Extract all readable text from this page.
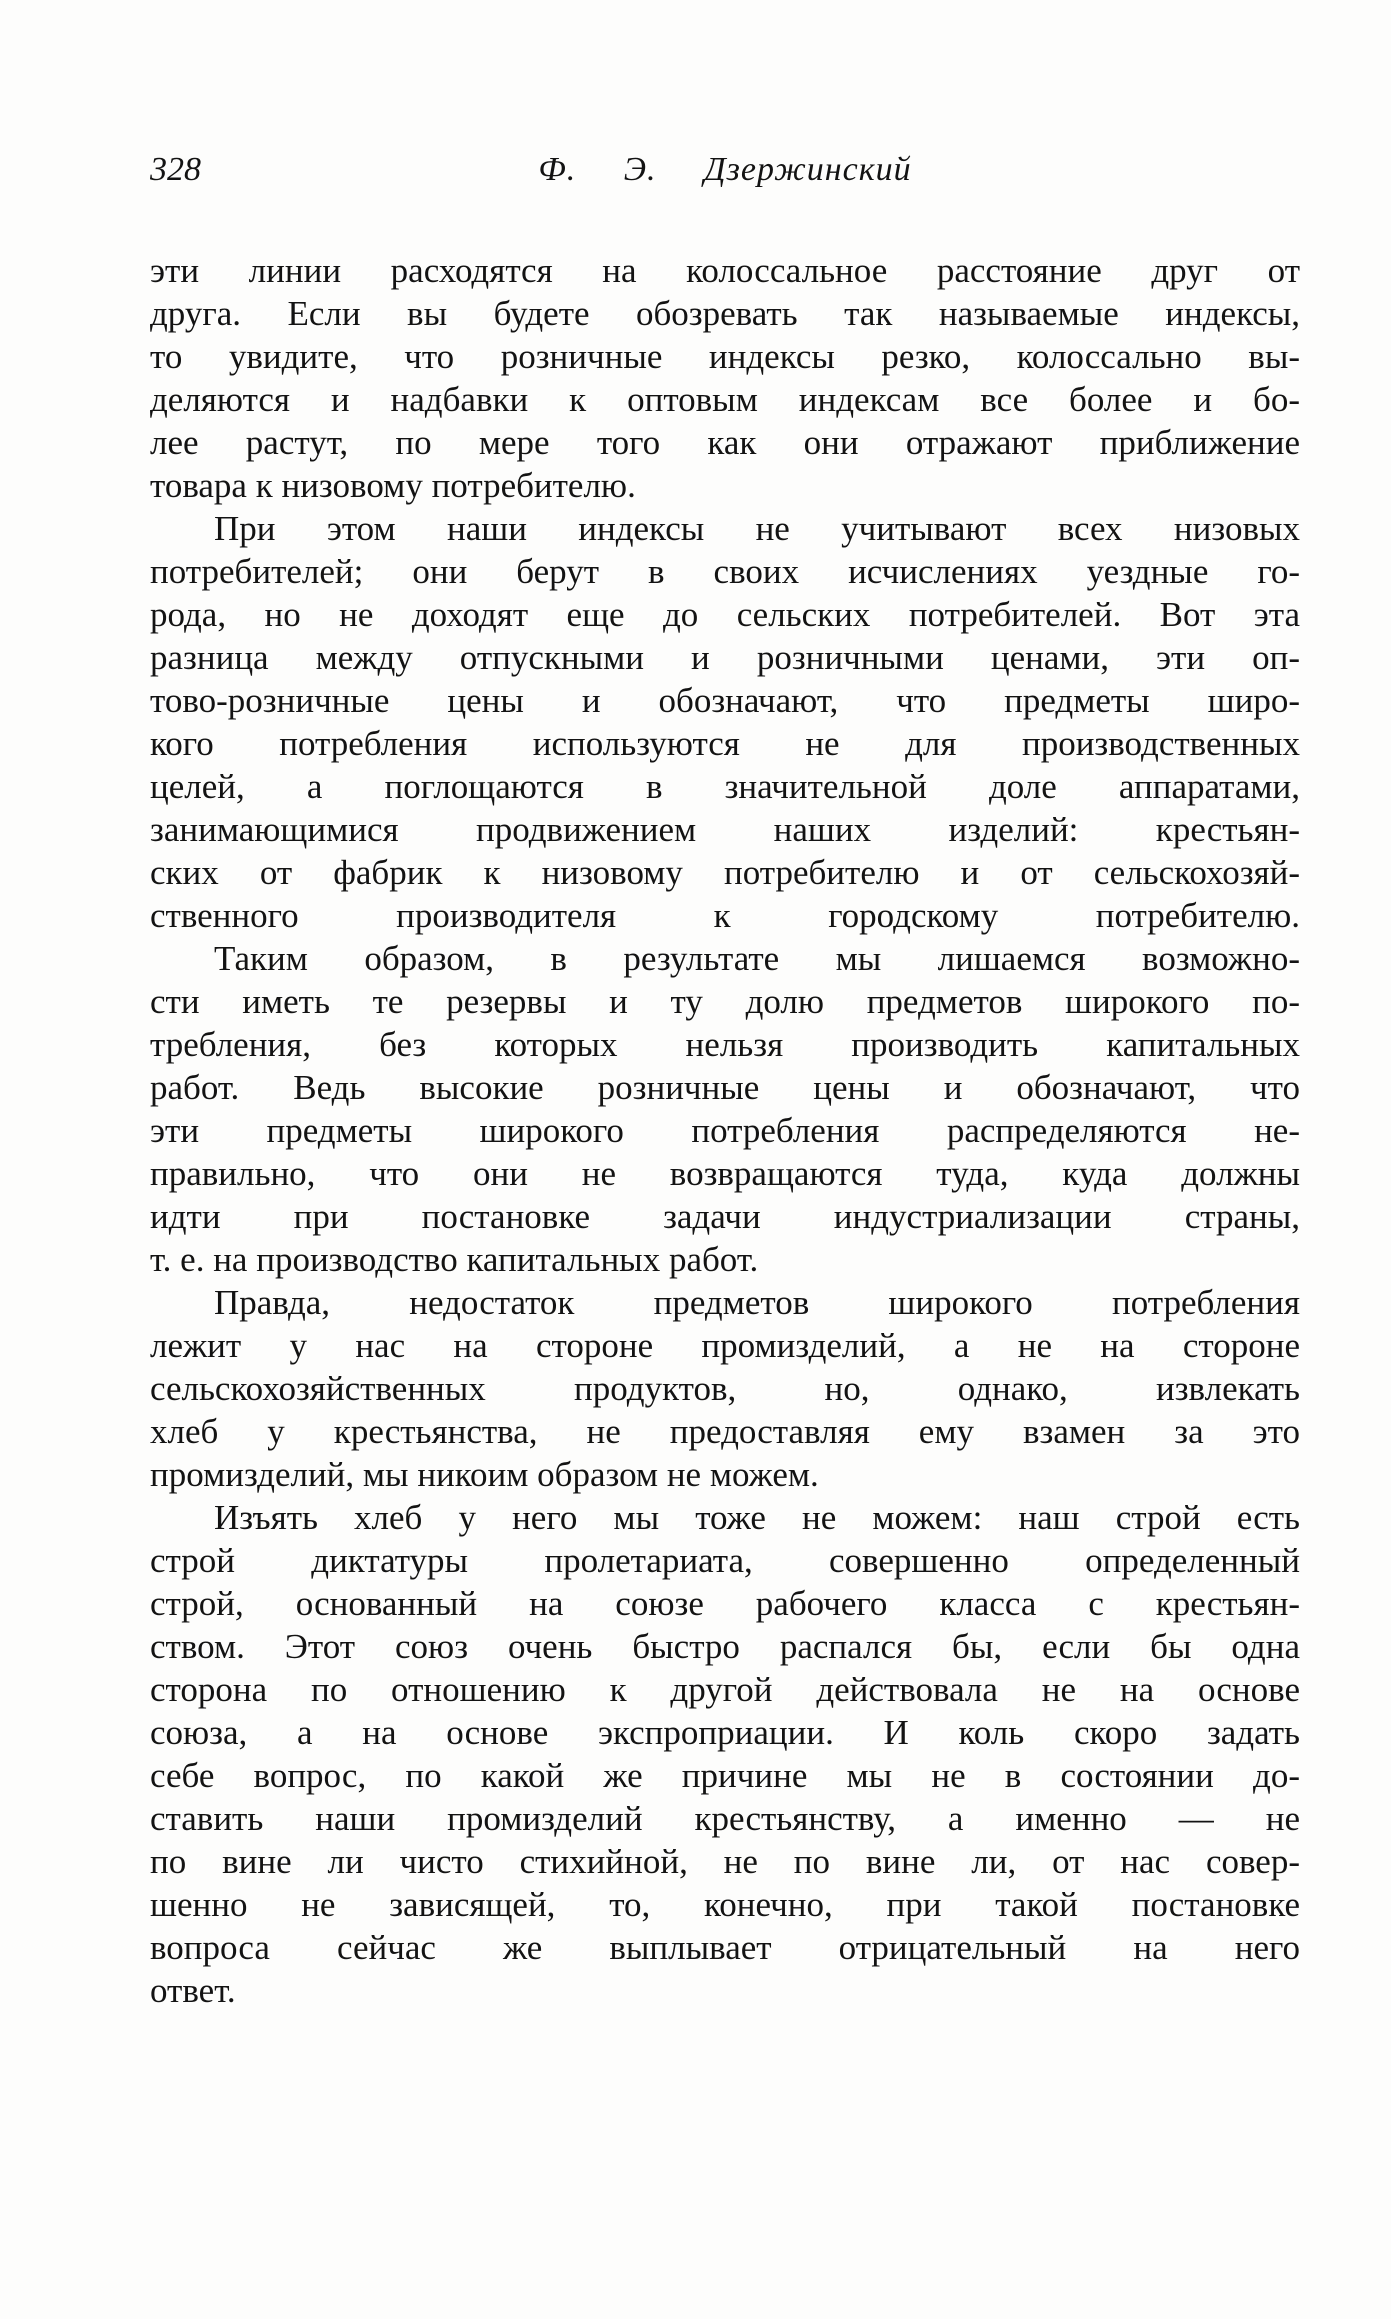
328	Ф. Э. Дзержинский
эти линии расходятся на колоссальное расстояние друг от
друга. Если вы будете обозревать так называемые индексы,
то увидите, что розничные индексы резко, колоссально вы-
деляются и надбавки к оптовым индексам все более и бо-
лее растут, по мере того как они отражают приближение
товара к низовому потребителю.
При этом наши индексы не учитывают всех низовых
потребителей; они берут в своих исчислениях уездные го-
рода, но не доходят еще до сельских потребителей. Вот эта
разница между отпускными и розничными ценами, эти оп-
тово-розничные цены и обозначают, что предметы широ-
кого потребления используются не для производственных
целей, а поглощаются в значительной доле аппаратами,
занимающимися продвижением наших изделий: крестьян-
ских от фабрик к низовому потребителю и от сельскохозяй-
ственного производителя к городскому потребителю.
Таким образом, в результате мы лишаемся возможно-
сти иметь те резервы и ту долю предметов широкого по-
требления, без которых нельзя производить капитальных
работ. Ведь высокие розничные цены и обозначают, что
эти предметы широкого потребления распределяются не-
правильно, что они не возвращаются туда, куда должны
идти при постановке задачи индустриализации страны,
т. е. на производство капитальных работ.
Правда, недостаток предметов широкого потребления
лежит у нас на стороне промизделий, а не на стороне
сельскохозяйственных продуктов, но, однако, извлекать
хлеб у крестьянства, не предоставляя ему взамен за это
промизделий, мы никоим образом не можем.
Изъять хлеб у него мы тоже не можем: наш строй есть
строй диктатуры пролетариата, совершенно определенный
строй, основанный на союзе рабочего класса с крестьян-
ством. Этот союз очень быстро распался бы, если бы одна
сторона по отношению к другой действовала не на основе
союза, а на основе экспроприации. И коль скоро задать
себе вопрос, по какой же причине мы не в состоянии до-
ставить наши промизделий крестьянству, а именно — не
по вине ли чисто стихийной, не по вине ли, от нас совер-
шенно не зависящей, то, конечно, при такой постановке
вопроса сейчас же выплывает отрицательный на него
ответ.
